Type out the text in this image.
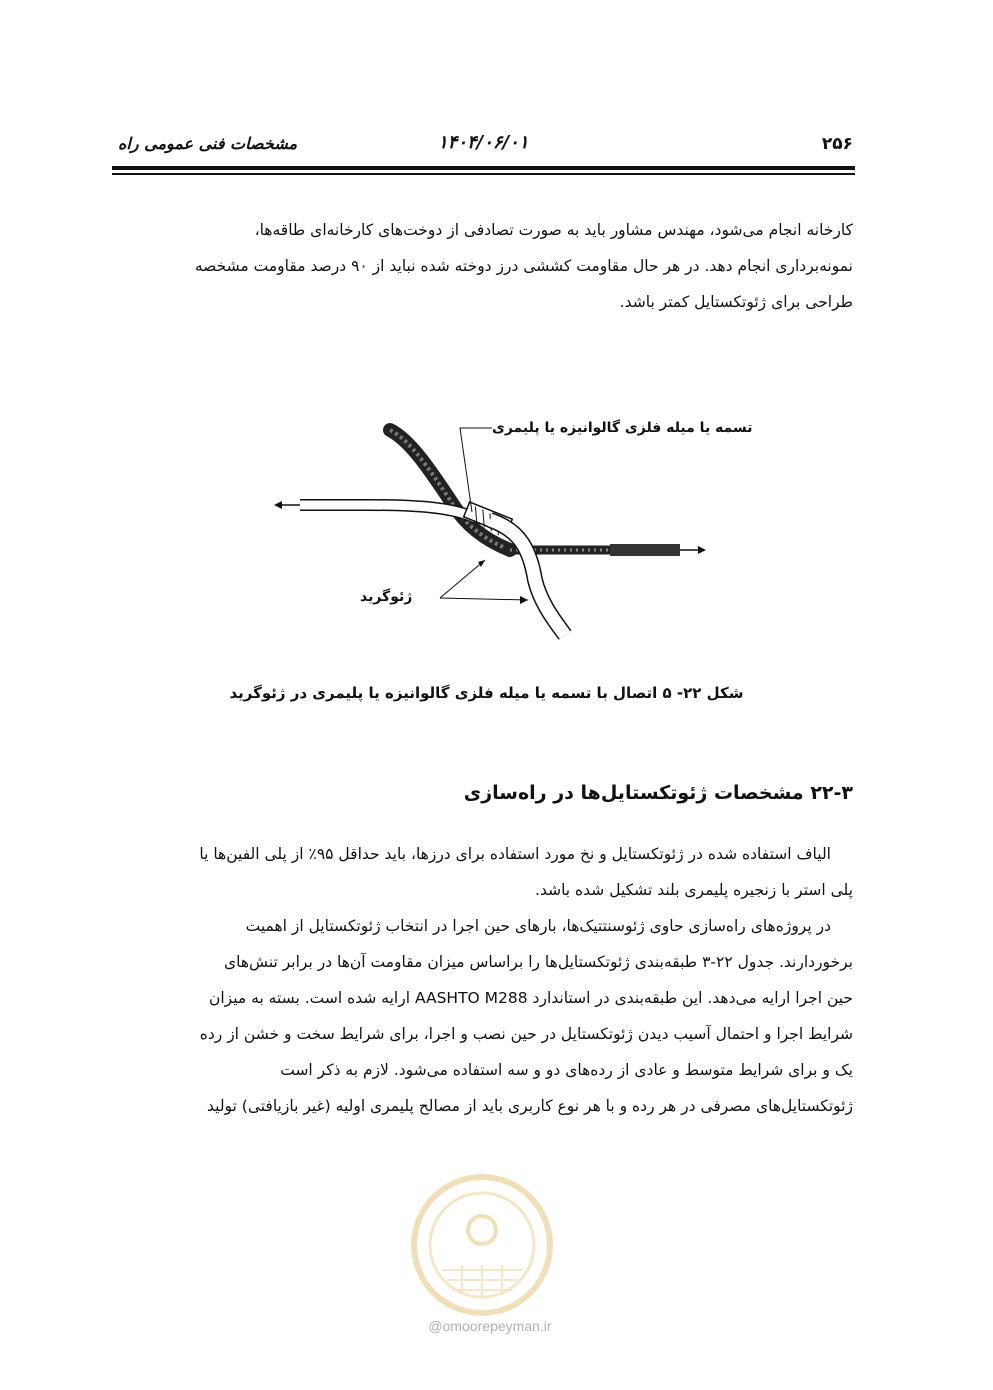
۲۵۶
۱۴۰۴/۰۶/۰۱
مشخصات فنی عمومی راه
کارخانه انجام می‌شود، مهندس مشاور باید به صورت تصادفی از دوخت‌های کارخانه‌ای طاقه‌ها،
نمونه‌برداری انجام دهد. در هر حال مقاومت کششی درز دوخته شده نباید از ۹۰ درصد مقاومت مشخصه
طراحی برای ژئوتکستایل کمتر باشد.
تسمه یا میله فلزی گالوانیزه یا پلیمری
ژئوگرید
شکل ۲۲- ۵ اتصال با تسمه یا میله فلزی گالوانیزه یا پلیمری در ژئوگرید
۲۲-۳ مشخصات ژئوتکستایل‌ها در راه‌سازی
الیاف استفاده شده در ژئوتکستایل و نخ مورد استفاده برای درزها، باید حداقل ۹۵٪ از پلی الفین‌ها یا
پلی استر با زنجیره پلیمری بلند تشکیل شده باشد.
در پروژه‌های راه‌سازی حاوی ژئوسنتتیک‌ها، بارهای حین اجرا در انتخاب ژئوتکستایل از اهمیت
برخوردارند. جدول ۲۲-۳ طبقه‌بندی ژئوتکستایل‌ها را براساس میزان مقاومت آن‌ها در برابر تنش‌های
حین اجرا ارایه می‌دهد. این طبقه‌بندی در استاندارد AASHTO M288 ارایه شده است. بسته به میزان
شرایط اجرا و احتمال آسیب دیدن ژئوتکستایل در حین نصب و اجرا، برای شرایط سخت و خشن از رده
یک و برای شرایط متوسط و عادی از رده‌های دو و سه استفاده می‌شود. لازم به ذکر است
ژئوتکستایل‌های مصرفی در هر رده و با هر نوع کاربری باید از مصالح پلیمری اولیه (غیر بازیافتی) تولید
@omoorepeyman.ir
